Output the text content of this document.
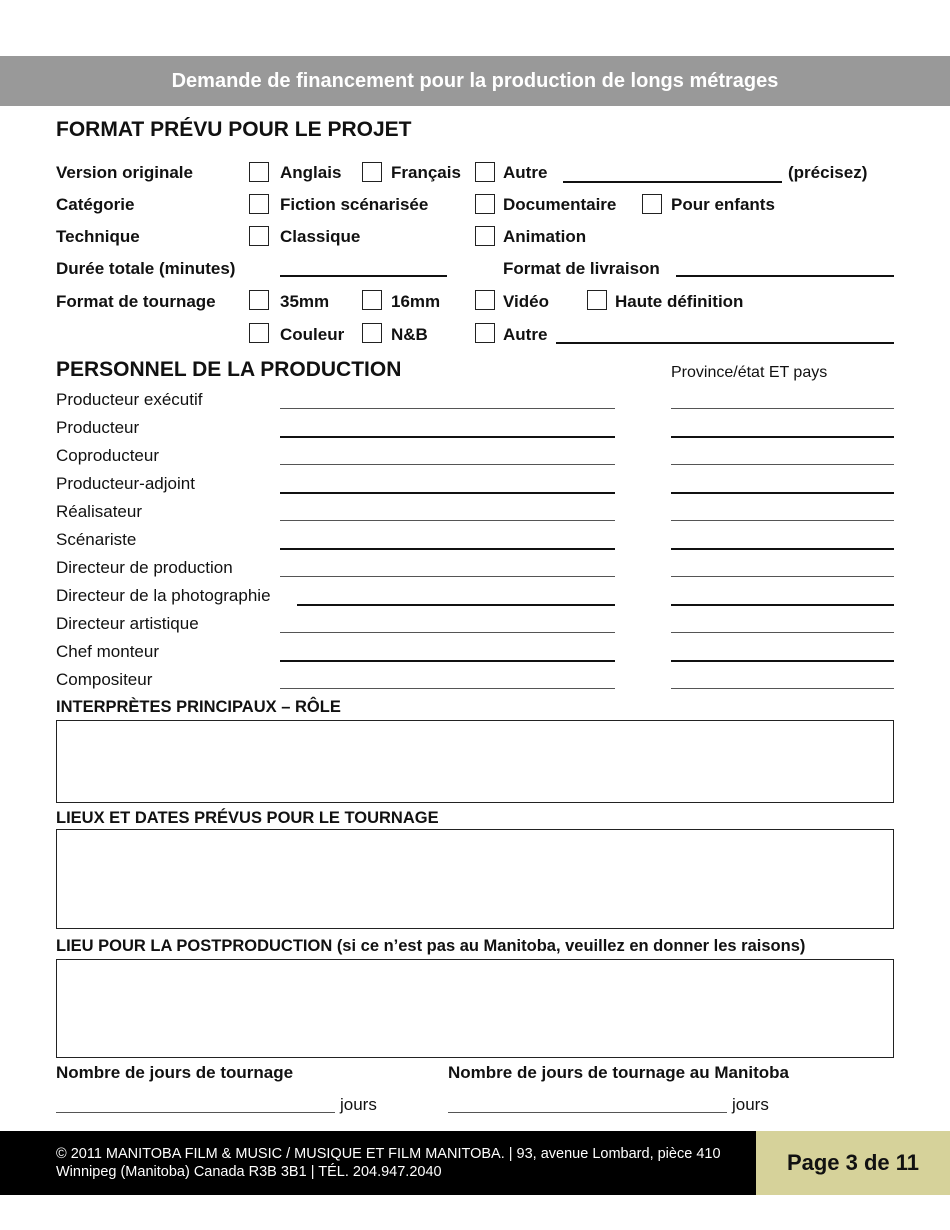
Demande de financement pour la production de longs métrages
FORMAT PRÉVU POUR LE PROJET
Version originale	Anglais	Français Autre	(précisez)
Catégorie	Fiction scénarisée	Documentaire	Pour enfants
Technique	Classique	Animation
Durée totale (minutes)	Format de livraison
Format de tournage	35mm	16mm	Vidéo	Haute définition
Couleur	N&B	Autre
PERSONNEL DE LA PRODUCTION	Province/état ET pays
Producteur exécutif
Producteur
Coproducteur
Producteur-adjoint
Réalisateur
Scénariste
Directeur de production
Directeur de la photographie
Directeur artistique
Chef monteur
Compositeur
INTERPRÈTES PRINCIPAUX – RÔLE
LIEUX ET DATES PRÉVUS POUR LE TOURNAGE
LIEU POUR LA POSTPRODUCTION (si ce n’est pas au Manitoba, veuillez en donner les raisons)
Nombre de jours de tournage	Nombre de jours de tournage au Manitoba
jours	jours
© 2011 MANITOBA FILM & MUSIC / MUSIQUE ET FILM MANITOBA. | 93, avenue Lombard, pièce 410 Winnipeg (Manitoba) Canada R3B 3B1 | TÉL. 204.947.2040	Page 3 de 11
